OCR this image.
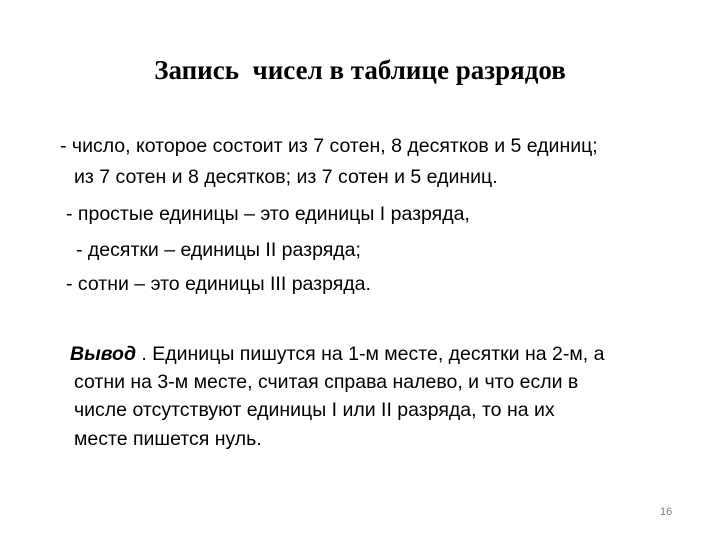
Запись  чисел в таблице разрядов
- число, которое состоит из 7 сотен, 8 десятков и 5 единиц;
из 7 сотен и 8 десятков; из 7 сотен и 5 единиц.
- простые единицы – это единицы I разряда,
- десятки – единицы II разряда;
- сотни – это единицы III разряда.
Вывод . Единицы пишутся на 1-м месте, десятки на 2-м, а
сотни на 3-м месте, считая справа налево, и что если в
числе отсутствуют единицы I или II разряда, то на их
месте пишется нуль.
16
